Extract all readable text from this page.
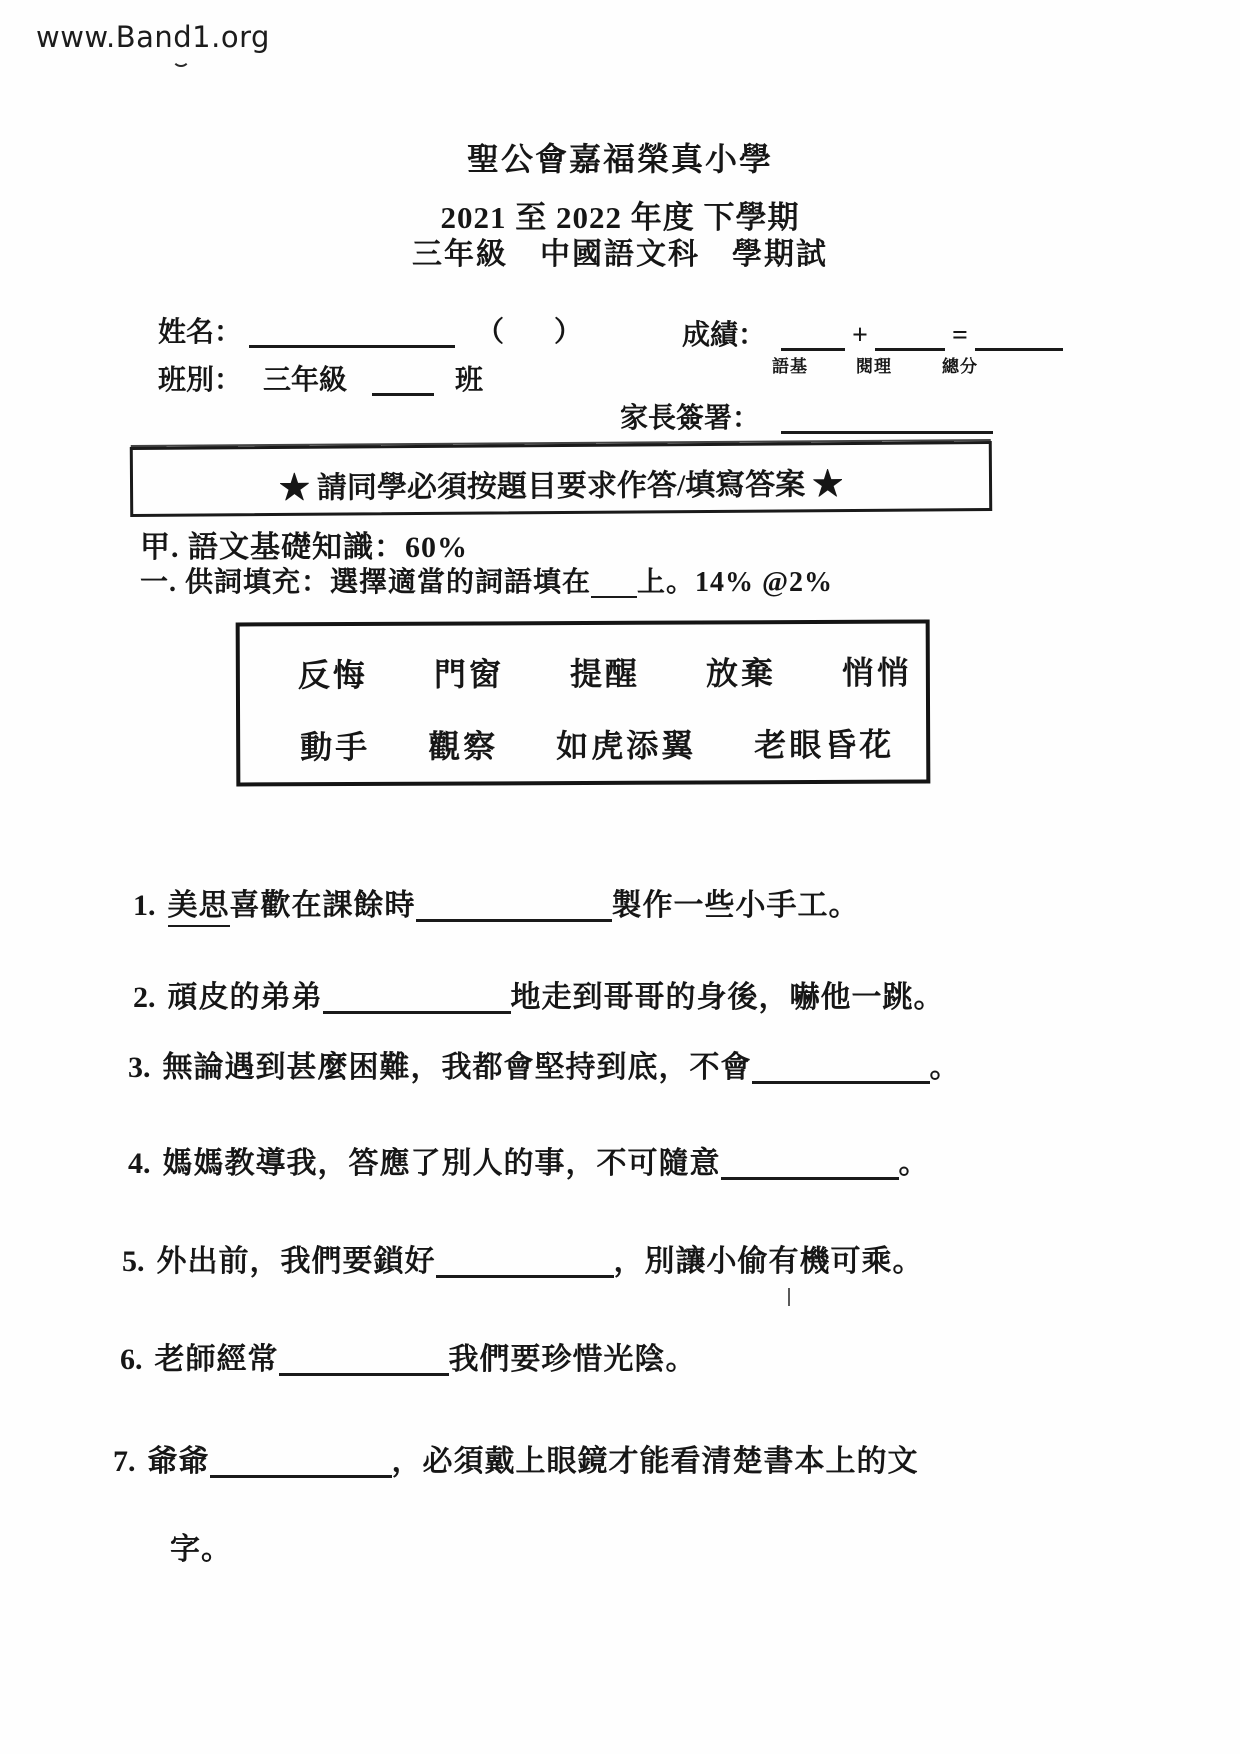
www.Band1.org
聖公會嘉福榮真小學
2021 至 2022 年度 下學期
三年級　中國語文科　學期試
姓名：	（ ）	成績：	+	=
語基	閱理	總分
班別： 三年級	班
家長簽署：
★ 請同學必須按題目要求作答/填寫答案 ★
甲. 語文基礎知識：60%
一. 供詞填充：選擇適當的詞語填在 上。14% @2%
反悔 門窗 提醒 放棄 悄悄
動手 觀察 如虎添翼 老眼昏花
1. 美思喜歡在課餘時	製作一些小手工。
2. 頑皮的弟弟	地走到哥哥的身後，嚇他一跳。
3. 無論遇到甚麼困難，我都會堅持到底，不會	。
4. 媽媽教導我，答應了別人的事，不可隨意	。
5. 外出前，我們要鎖好	，別讓小偷有機可乘。
6. 老師經常	我們要珍惜光陰。
7. 爺爺	，必須戴上眼鏡才能看清楚書本上的文
字。
